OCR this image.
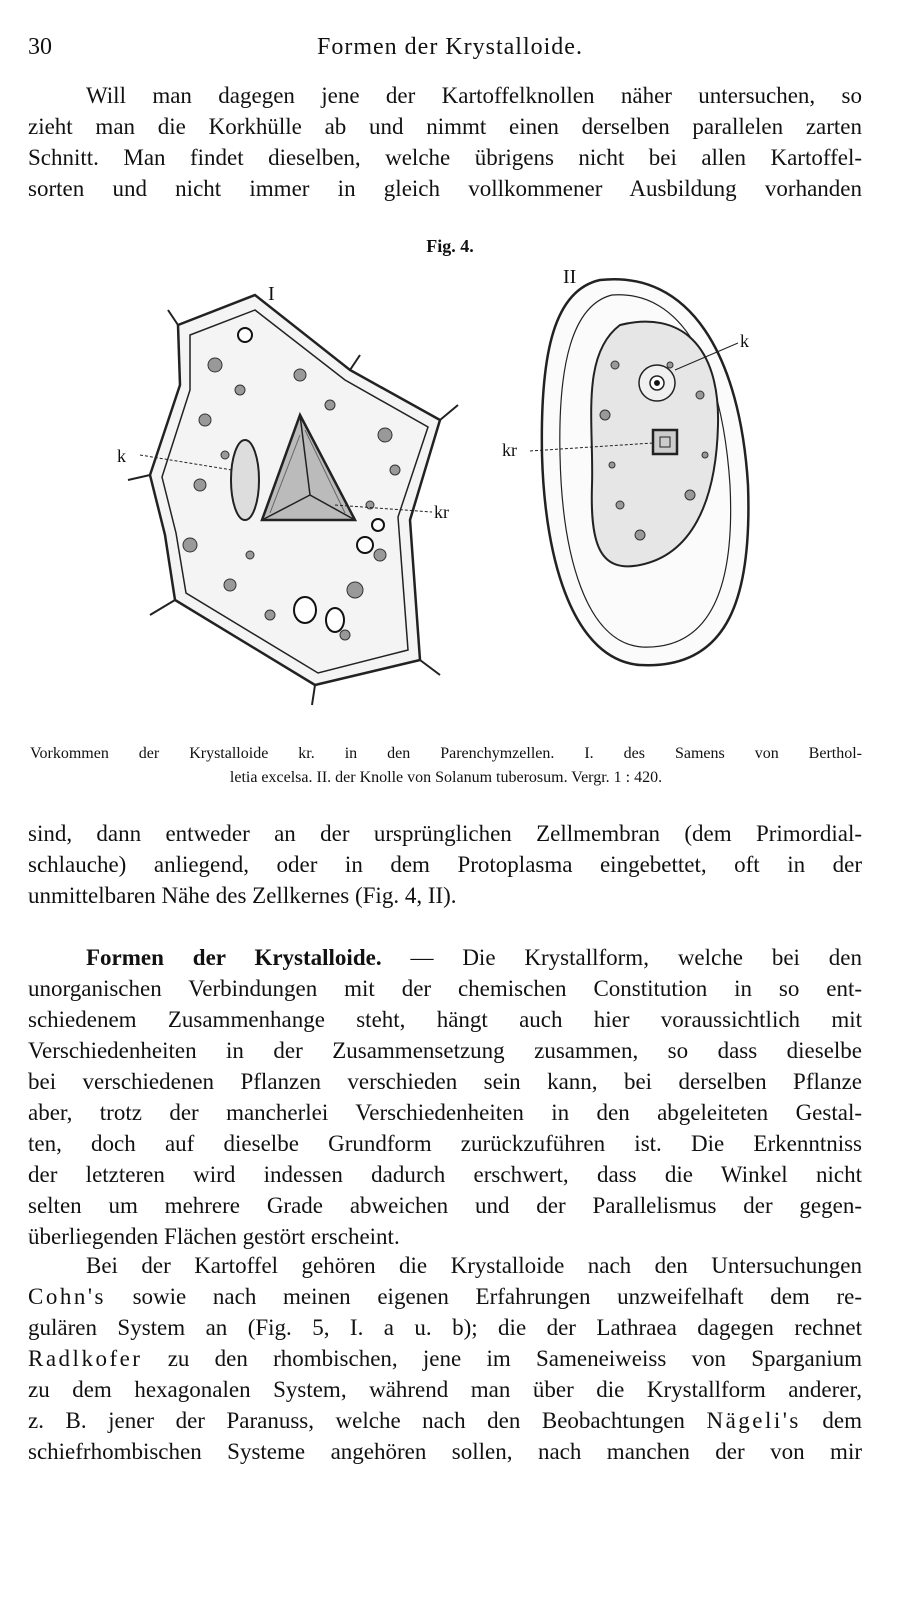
30	Formen der Krystalloide.
Will man dagegen jene der Kartoffelknollen näher untersuchen, so
zieht man die Korkhülle ab und nimmt einen derselben parallelen zarten
Schnitt. Man findet dieselben, welche übrigens nicht bei allen Kartoffel-
sorten und nicht immer in gleich vollkommener Ausbildung vorhanden
Fig. 4.
I
k
kr
II
k
kr
Vorkommen der Krystalloide kr. in den Parenchymzellen. I. des Samens von Berthol-
letia excelsa. II. der Knolle von Solanum tuberosum. Vergr. 1 : 420.
sind, dann entweder an der ursprünglichen Zellmembran (dem Primordial-
schlauche) anliegend, oder in dem Protoplasma eingebettet, oft in der
unmittelbaren Nähe des Zellkernes (Fig. 4, II).
Formen der Krystalloide. — Die Krystallform, welche bei den
unorganischen Verbindungen mit der chemischen Constitution in so ent-
schiedenem Zusammenhange steht, hängt auch hier voraussichtlich mit
Verschiedenheiten in der Zusammensetzung zusammen, so dass dieselbe
bei verschiedenen Pflanzen verschieden sein kann, bei derselben Pflanze
aber, trotz der mancherlei Verschiedenheiten in den abgeleiteten Gestal-
ten, doch auf dieselbe Grundform zurückzuführen ist. Die Erkenntniss
der letzteren wird indessen dadurch erschwert, dass die Winkel nicht
selten um mehrere Grade abweichen und der Parallelismus der gegen-
überliegenden Flächen gestört erscheint.
Bei der Kartoffel gehören die Krystalloide nach den Untersuchungen
Cohn's sowie nach meinen eigenen Erfahrungen unzweifelhaft dem re-
gulären System an (Fig. 5, I. a u. b); die der Lathraea dagegen rechnet
Radlkofer zu den rhombischen, jene im Sameneiweiss von Sparganium
zu dem hexagonalen System, während man über die Krystallform anderer,
z. B. jener der Paranuss, welche nach den Beobachtungen Nägeli's dem
schiefrhombischen Systeme angehören sollen, nach manchen der von mir
